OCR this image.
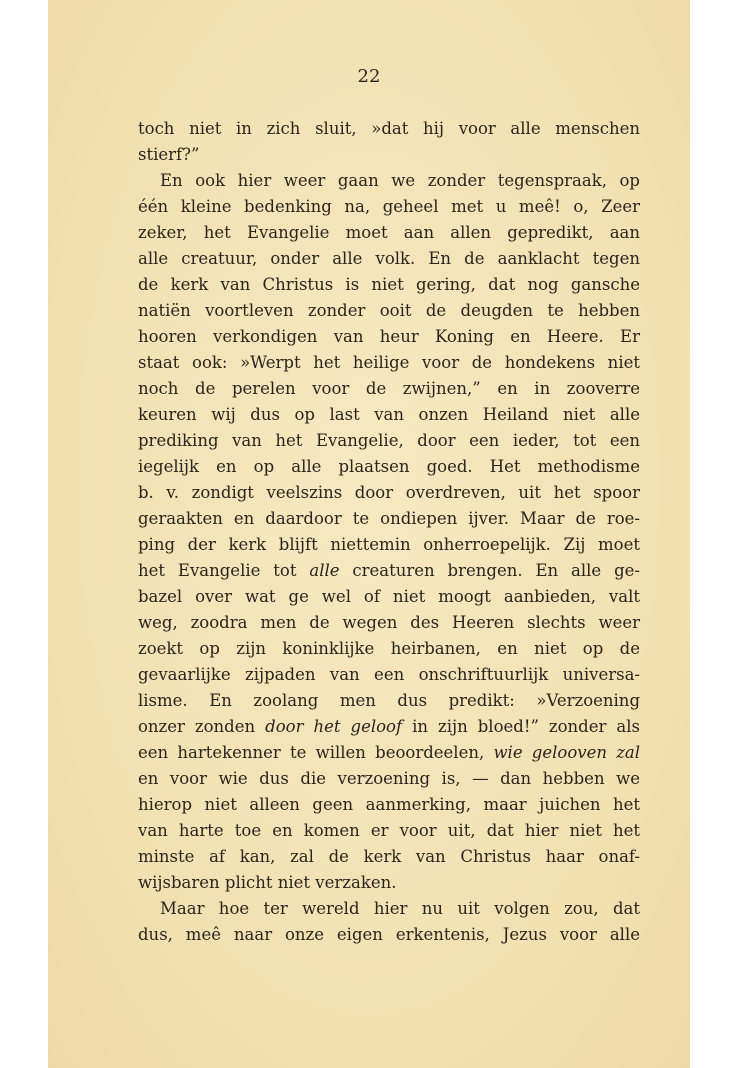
22
toch niet in zich sluit, »dat hij voor alle menschen
stierf?”
En ook hier weer gaan we zonder tegenspraak, op
één kleine bedenking na, geheel met u meê! o, Zeer
zeker, het Evangelie moet aan allen gepredikt, aan
alle creatuur, onder alle volk. En de aanklacht tegen
de kerk van Christus is niet gering, dat nog gansche
natiën voortleven zonder ooit de deugden te hebben
hooren verkondigen van heur Koning en Heere. Er
staat ook: »Werpt het heilige voor de hondekens niet
noch de perelen voor de zwijnen,” en in zooverre
keuren wij dus op last van onzen Heiland niet alle
prediking van het Evangelie, door een ieder, tot een
iegelijk en op alle plaatsen goed. Het methodisme
b. v. zondigt veelszins door overdreven, uit het spoor
geraakten en daardoor te ondiepen ijver. Maar de roe-
ping der kerk blijft niettemin onherroepelijk. Zij moet
het Evangelie tot alle creaturen brengen. En alle ge-
bazel over wat ge wel of niet moogt aanbieden, valt
weg, zoodra men de wegen des Heeren slechts weer
zoekt op zijn koninklijke heirbanen, en niet op de
gevaarlijke zijpaden van een onschriftuurlijk universa-
lisme. En zoolang men dus predikt: »Verzoening
onzer zonden door het geloof in zijn bloed!” zonder als
een hartekenner te willen beoordeelen, wie gelooven zal
en voor wie dus die verzoening is, — dan hebben we
hierop niet alleen geen aanmerking, maar juichen het
van harte toe en komen er voor uit, dat hier niet het
minste af kan, zal de kerk van Christus haar onaf-
wijsbaren plicht niet verzaken.
Maar hoe ter wereld hier nu uit volgen zou, dat
dus, meê naar onze eigen erkentenis, Jezus voor alle
